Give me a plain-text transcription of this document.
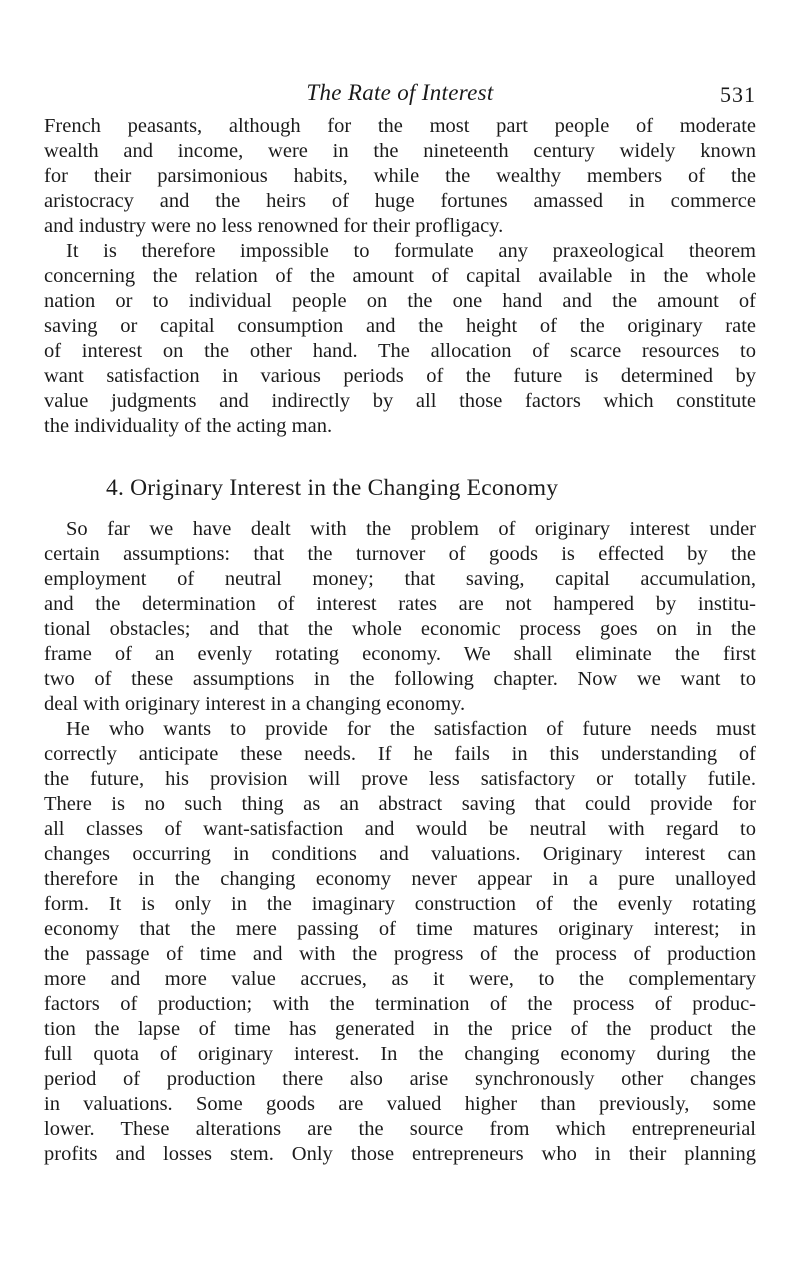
The Rate of Interest	531

French peasants, although for the most part people of moderate
wealth and income, were in the nineteenth century widely known
for their parsimonious habits, while the wealthy members of the
aristocracy and the heirs of huge fortunes amassed in commerce
and industry were no less renowned for their profligacy.

It is therefore impossible to formulate any praxeological theorem
concerning the relation of the amount of capital available in the whole
nation or to individual people on the one hand and the amount of
saving or capital consumption and the height of the originary rate
of interest on the other hand. The allocation of scarce resources to
want satisfaction in various periods of the future is determined by
value judgments and indirectly by all those factors which constitute
the individuality of the acting man.

4. Originary Interest in the Changing Economy

So far we have dealt with the problem of originary interest under
certain assumptions: that the turnover of goods is effected by the
employment of neutral money; that saving, capital accumulation,
and the determination of interest rates are not hampered by institu-
tional obstacles; and that the whole economic process goes on in the
frame of an evenly rotating economy. We shall eliminate the first
two of these assumptions in the following chapter. Now we want to
deal with originary interest in a changing economy.

He who wants to provide for the satisfaction of future needs must
correctly anticipate these needs. If he fails in this understanding of
the future, his provision will prove less satisfactory or totally futile.
There is no such thing as an abstract saving that could provide for
all classes of want-satisfaction and would be neutral with regard to
changes occurring in conditions and valuations. Originary interest can
therefore in the changing economy never appear in a pure unalloyed
form. It is only in the imaginary construction of the evenly rotating
economy that the mere passing of time matures originary interest; in
the passage of time and with the progress of the process of production
more and more value accrues, as it were, to the complementary
factors of production; with the termination of the process of produc-
tion the lapse of time has generated in the price of the product the
full quota of originary interest. In the changing economy during the
period of production there also arise synchronously other changes
in valuations. Some goods are valued higher than previously, some
lower. These alterations are the source from which entrepreneurial
profits and losses stem. Only those entrepreneurs who in their planning
